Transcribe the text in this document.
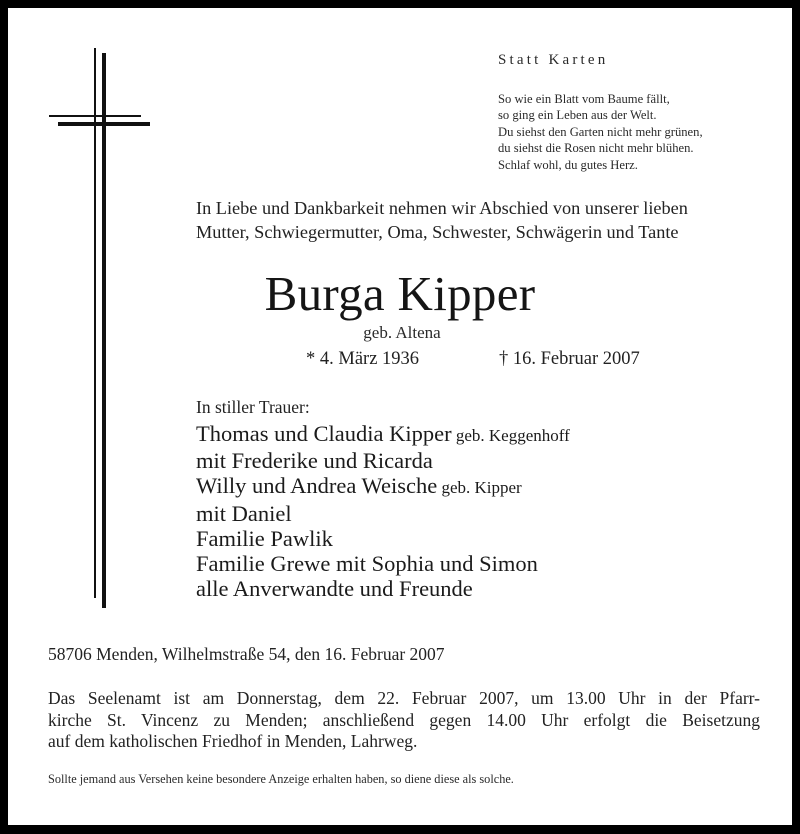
Statt Karten
So wie ein Blatt vom Baume fällt,
so ging ein Leben aus der Welt.
Du siehst den Garten nicht mehr grünen,
du siehst die Rosen nicht mehr blühen.
Schlaf wohl, du gutes Herz.
In Liebe und Dankbarkeit nehmen wir Abschied von unserer lieben
Mutter, Schwiegermutter, Oma, Schwester, Schwägerin und Tante
Burga Kipper
geb. Altena
* 4. März 1936	† 16. Februar 2007
In stiller Trauer:
Thomas und Claudia Kipper geb. Keggenhoff
mit Frederike und Ricarda
Willy und Andrea Weische geb. Kipper
mit Daniel
Familie Pawlik
Familie Grewe mit Sophia und Simon
alle Anverwandte und Freunde
58706 Menden, Wilhelmstraße 54, den 16. Februar 2007
Das Seelenamt ist am Donnerstag, dem 22. Februar 2007, um 13.00 Uhr in der Pfarr-
kirche St. Vincenz zu Menden; anschließend gegen 14.00 Uhr erfolgt die Beisetzung
auf dem katholischen Friedhof in Menden, Lahrweg.
Sollte jemand aus Versehen keine besondere Anzeige erhalten haben, so diene diese als solche.
